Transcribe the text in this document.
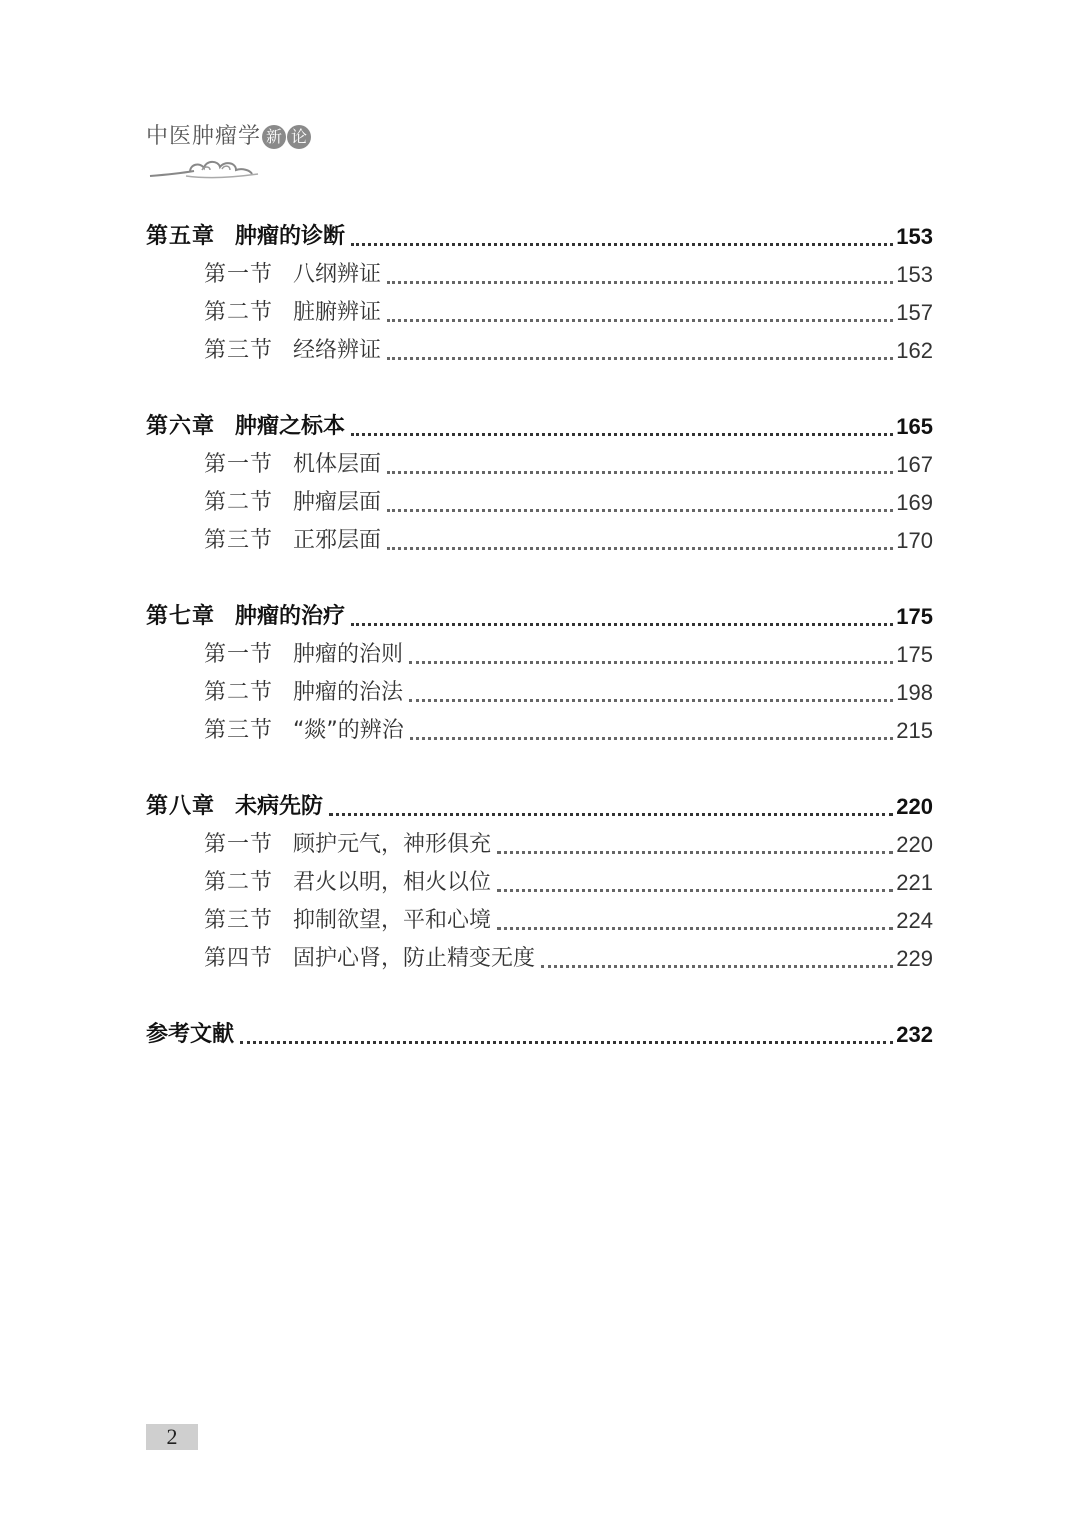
中医肿瘤学 新 论
第五章 肿瘤的诊断	153
第一节 八纲辨证	153
第二节 脏腑辨证	157
第三节 经络辨证	162
第六章 肿瘤之标本	165
第一节 机体层面	167
第二节 肿瘤层面	169
第三节 正邪层面	170
第七章 肿瘤的治疗	175
第一节 肿瘤的治则	175
第二节 肿瘤的治法	198
第三节 “燚”的辨治	215
第八章 未病先防	220
第一节 顾护元气，神形俱充	220
第二节 君火以明，相火以位	221
第三节 抑制欲望，平和心境	224
第四节 固护心肾，防止精变无度	229
参考文献	232
2
